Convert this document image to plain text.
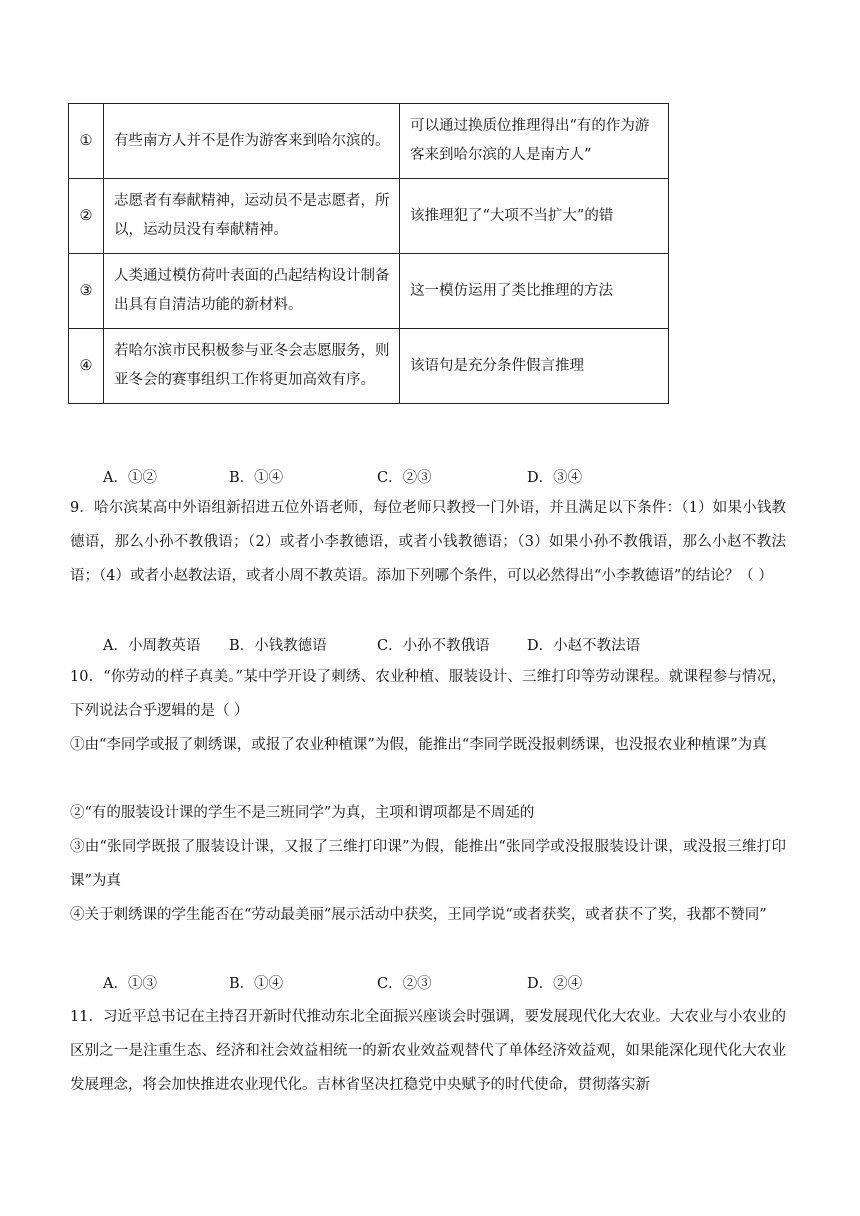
①	有些南方人并不是作为游客来到哈尔滨的。	可以通过换质位推理得出“有的作为游客来到哈尔滨的人是南方人”
②	志愿者有奉献精神，运动员不是志愿者，所以，运动员没有奉献精神。	该推理犯了“大项不当扩大”的错
③	人类通过模仿荷叶表面的凸起结构设计制备出具有自清洁功能的新材料。	这一模仿运用了类比推理的方法
④	若哈尔滨市民积极参与亚冬会志愿服务，则亚冬会的赛事组织工作将更加高效有序。	该语句是充分条件假言推理
A．①②	B．①④	C．②③	D．③④
9．哈尔滨某高中外语组新招进五位外语老师，每位老师只教授一门外语，并且满足以下条件：（1）如果小钱教德语，那么小孙不教俄语；（2）或者小李教德语，或者小钱教德语；（3）如果小孙不教俄语，那么小赵不教法语；（4）或者小赵教法语，或者小周不教英语。添加下列哪个条件，可以必然得出“小李教德语”的结论？（ ）
A．小周教英语 B．小钱教德语	C．小孙不教俄语	D．小赵不教法语
10．“你劳动的样子真美。”某中学开设了刺绣、农业种植、服装设计、三维打印等劳动课程。就课程参与情况，下列说法合乎逻辑的是（ ）
①由“李同学或报了刺绣课，或报了农业种植课”为假，能推出“李同学既没报刺绣课，也没报农业种植课”为真
②“有的服装设计课的学生不是三班同学”为真，主项和谓项都是不周延的
③由“张同学既报了服装设计课，又报了三维打印课”为假，能推出“张同学或没报服装设计课，或没报三维打印课”为真
④关于刺绣课的学生能否在“劳动最美丽”展示活动中获奖，王同学说“或者获奖，或者获不了奖，我都不赞同”
A．①③	B．①④	C．②③	D．②④
11．习近平总书记在主持召开新时代推动东北全面振兴座谈会时强调，要发展现代化大农业。大农业与小农业的区别之一是注重生态、经济和社会效益相统一的新农业效益观替代了单体经济效益观，如果能深化现代化大农业发展理念，将会加快推进农业现代化。吉林省坚决扛稳党中央赋予的时代使命，贯彻落实新
